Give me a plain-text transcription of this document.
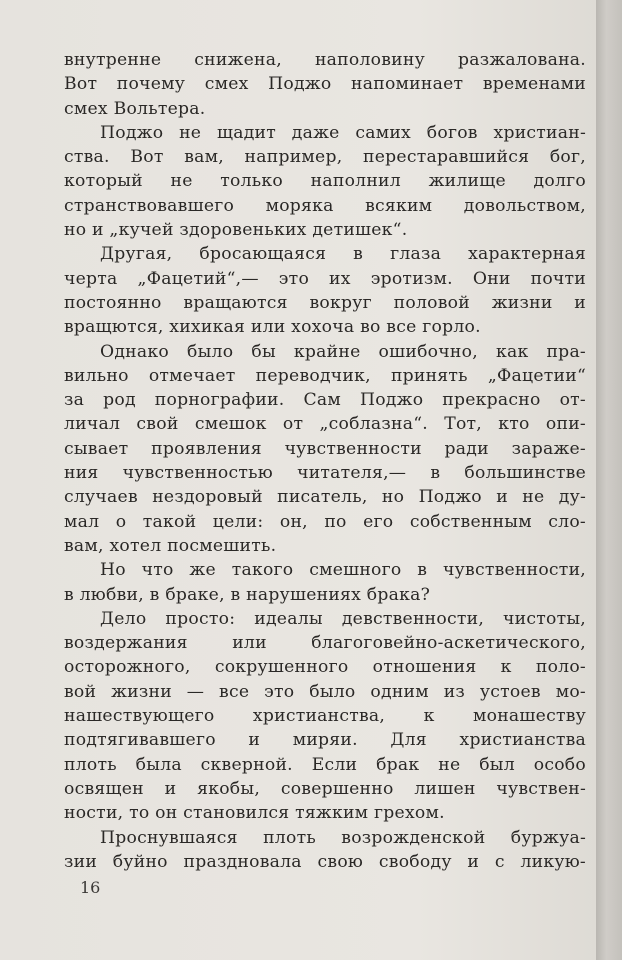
внутренне снижена, наполовину разжалована.
Вот почему смех Поджо напоминает временами
смех Вольтера.
Поджо не щадит даже самих богов христиан-
ства. Вот вам, например, перестаравшийся бог,
который не только наполнил жилище долго
странствовавшего моряка всяким довольством,
но и „кучей здоровеньких детишек“.
Другая, бросающаяся в глаза характерная
черта „Фацетий“,— это их эротизм. Они почти
постоянно вращаются вокруг половой жизни и
вращются, хихикая или хохоча во все горло.
Однако было бы крайне ошибочно, как пра-
вильно отмечает переводчик, принять „Фацетии“
за род порнографии. Сам Поджо прекрасно от-
личал свой смешок от „соблазна“. Тот, кто опи-
сывает проявления чувственности ради зараже-
ния чувственностью читателя,— в большинстве
случаев нездоровый писатель, но Поджо и не ду-
мал о такой цели: он, по его собственным сло-
вам, хотел посмешить.
Но что же такого смешного в чувственности,
в любви, в браке, в нарушениях брака?
Дело просто: идеалы девственности, чистоты,
воздержания или благоговейно-аскетического,
осторожного, сокрушенного отношения к поло-
вой жизни — все это было одним из устоев мо-
нашествующего христианства, к монашеству
подтягивавшего и миряи. Для христианства
плоть была скверной. Если брак не был особо
освящен и якобы, совершенно лишен чувствен-
ности, то он становился тяжким грехом.
Проснувшаяся плоть возрожденской буржуа-
зии буйно праздновала свою свободу и с ликую-
16
